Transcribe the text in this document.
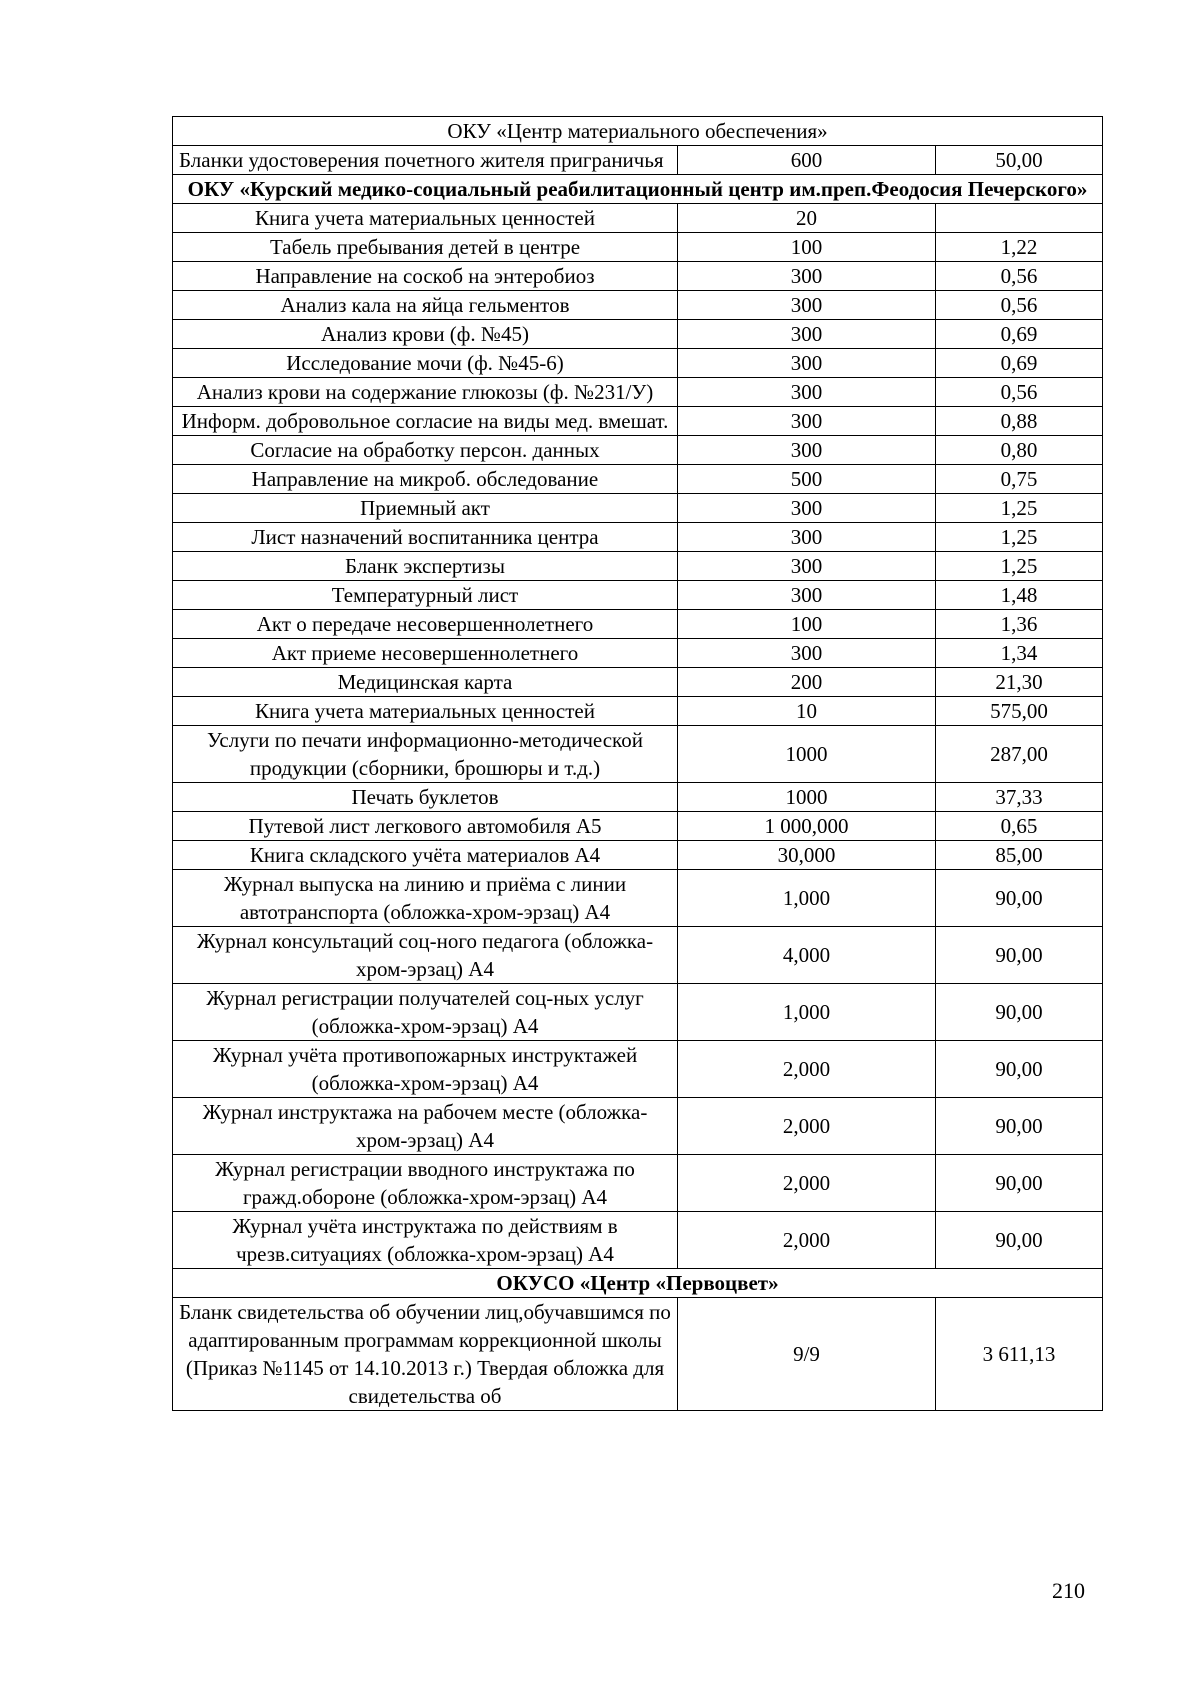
ОКУ «Центр материального обеспечения»		
Бланки удостоверения почетного жителя приграничья	600	50,00
ОКУ «Курский медико-социальный реабилитационный центр им.преп.Феодосия Печерского»		
Книга учета материальных ценностей	20	
Табель пребывания детей в центре	100	1,22
Направление на соскоб на энтеробиоз	300	0,56
Анализ кала на яйца гельментов	300	0,56
Анализ крови (ф. №45)	300	0,69
Исследование мочи (ф. №45-6)	300	0,69
Анализ крови на содержание глюкозы (ф. №231/У)	300	0,56
Информ. добровольное согласие на виды мед. вмешат.	300	0,88
Согласие на обработку персон. данных	300	0,80
Направление на микроб. обследование	500	0,75
Приемный акт	300	1,25
Лист назначений воспитанника центра	300	1,25
Бланк экспертизы	300	1,25
Температурный лист	300	1,48
Акт о передаче несовершеннолетнего	100	1,36
Акт приеме несовершеннолетнего	300	1,34
Медицинская карта	200	21,30
Книга учета материальных ценностей	10	575,00
Услуги по печати информационно-методической продукции (сборники, брошюры и т.д.)	1000	287,00
Печать буклетов	1000	37,33
Путевой лист легкового автомобиля А5	1 000,000	0,65
Книга складского учёта материалов А4	30,000	85,00
Журнал выпуска на линию и приёма с линии автотранспорта (обложка-хром-эрзац) А4	1,000	90,00
Журнал консультаций соц-ного педагога (обложка-хром-эрзац) А4	4,000	90,00
Журнал регистрации получателей соц-ных услуг (обложка-хром-эрзац) А4	1,000	90,00
Журнал учёта противопожарных инструктажей (обложка-хром-эрзац) А4	2,000	90,00
Журнал инструктажа на рабочем месте (обложка-хром-эрзац) А4	2,000	90,00
Журнал регистрации вводного инструктажа по гражд.обороне (обложка-хром-эрзац) А4	2,000	90,00
Журнал учёта инструктажа по действиям в чрезв.ситуациях (обложка-хром-эрзац) А4	2,000	90,00
ОКУСО «Центр «Первоцвет»		
Бланк свидетельства об обучении лиц,обучавшимся по адаптированным программам коррекционной школы (Приказ №1145 от 14.10.2013 г.) Твердая обложка для свидетельства об	9/9	3 611,13
210
